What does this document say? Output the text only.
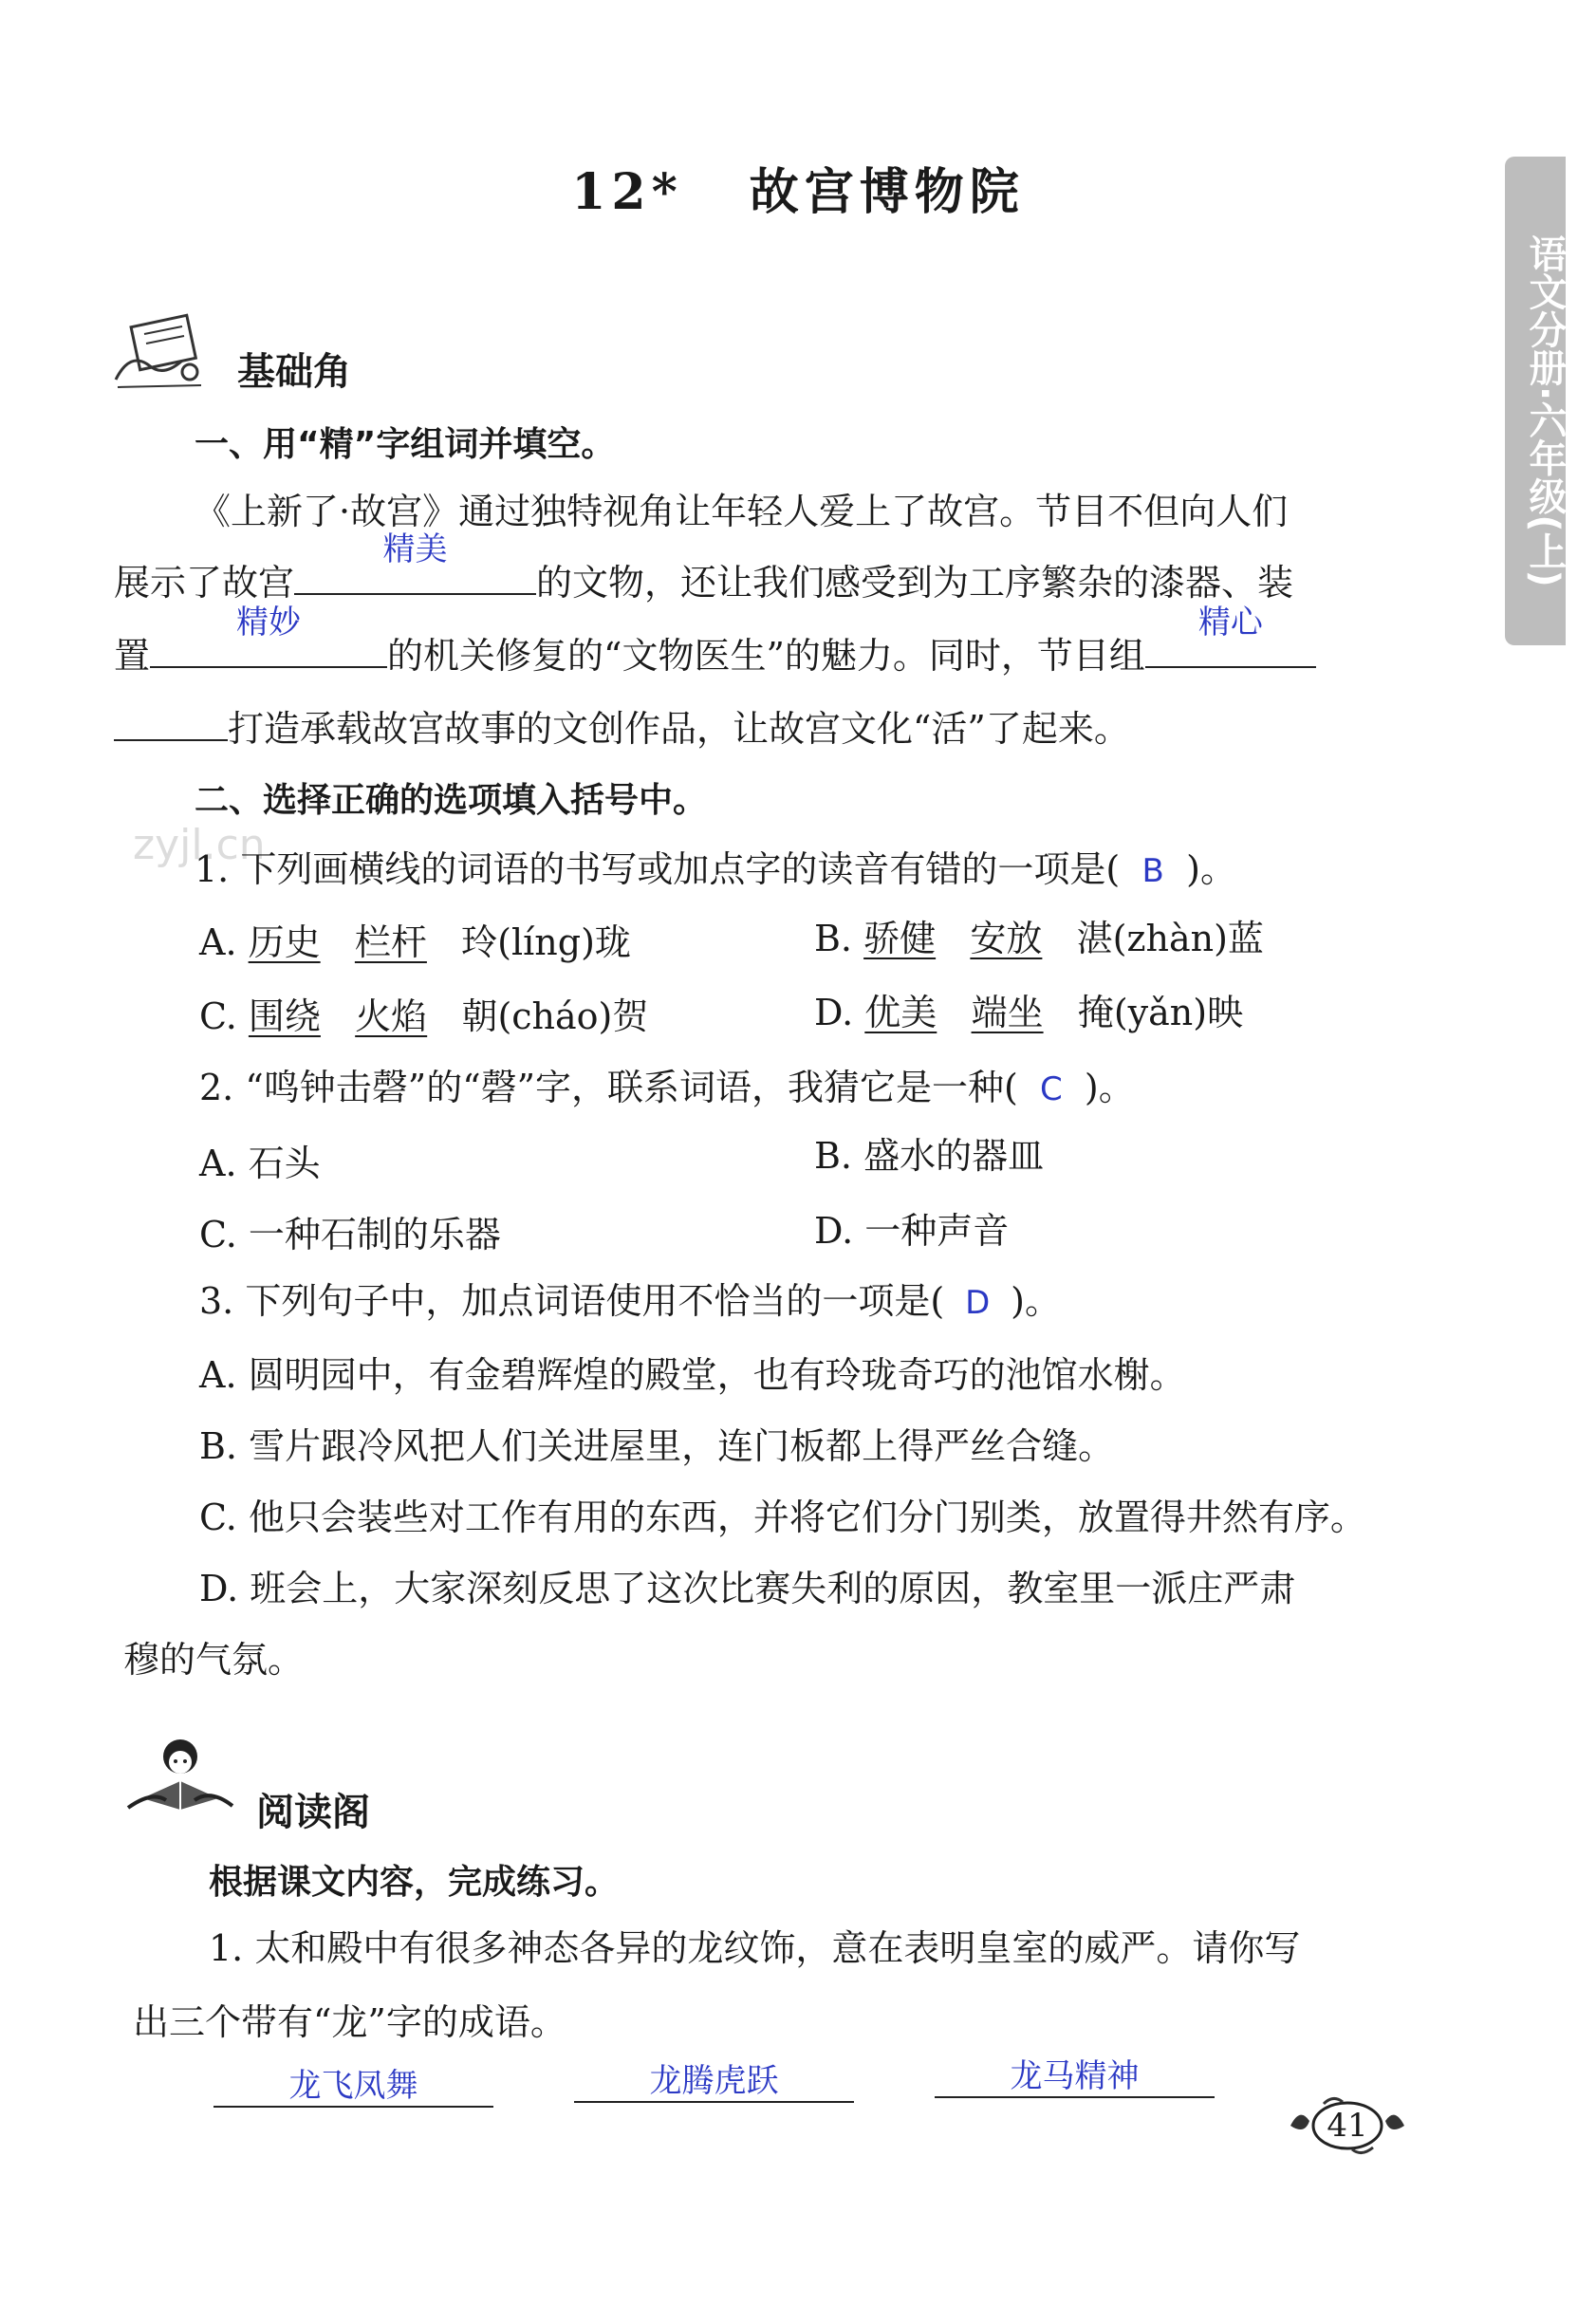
12* 故宫博物院
语文分册·六年级(上)
zyjl.cn
基础角
一、用“精”字组词并填空。
《上新了·故宫》通过独特视角让年轻人爱上了故宫。节目不但向人们
展示了故宫
精美
的文物，还让我们感受到为工序繁杂的漆器、装
置
精妙
的机关修复的“文物医生”的魅力。同时，节目组
精心
打造承载故宫故事的文创作品，让故宫文化“活”了起来。
二、选择正确的选项填入括号中。
1. 下列画横线的词语的书写或加点字的读音有错的一项是( B )。
A. 历史 栏杆 玲(líng)珑	B. 骄健 安放 湛(zhàn)蓝
C. 围绕 火焰 朝(cháo)贺	D. 优美 端坐 掩(yǎn)映
2. “鸣钟击磬”的“磬”字，联系词语，我猜它是一种( C )。
A. 石头	B. 盛水的器皿
C. 一种石制的乐器	D. 一种声音
3. 下列句子中，加点词语使用不恰当的一项是( D )。
A. 圆明园中，有金碧辉煌的殿堂，也有玲珑奇巧的池馆水榭。
B. 雪片跟冷风把人们关进屋里，连门板都上得严丝合缝。
C. 他只会装些对工作有用的东西，并将它们分门别类，放置得井然有序。
D. 班会上，大家深刻反思了这次比赛失利的原因，教室里一派庄严肃
穆的气氛。
阅读阁
根据课文内容，完成练习。
1. 太和殿中有很多神态各异的龙纹饰，意在表明皇室的威严。请你写
出三个带有“龙”字的成语。
龙飞凤舞	龙腾虎跃	龙马精神
41
